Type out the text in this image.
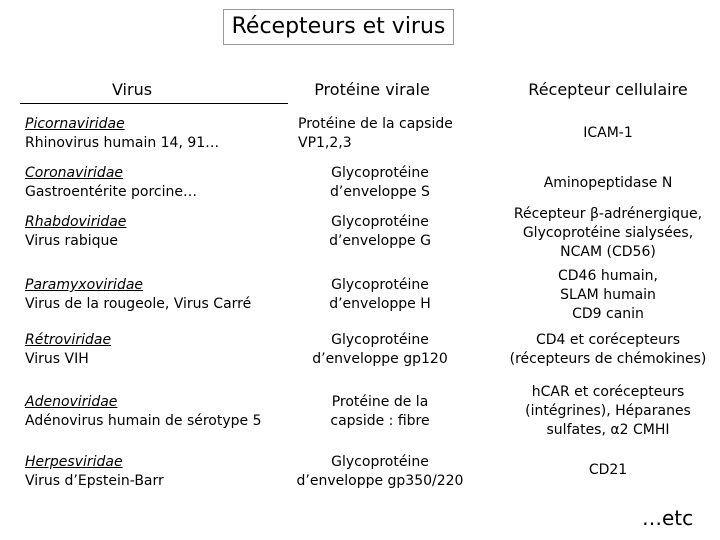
Récepteurs et virus
Virus	Protéine virale	Récepteur cellulaire
Picornaviridae
Rhinovirus humain 14, 91…
Protéine de la capside
VP1,2,3
ICAM-1
Coronaviridae
Gastroentérite porcine…
Glycoprotéine
d’enveloppe S
Aminopeptidase N
Rhabdoviridae
Virus rabique
Glycoprotéine
d’enveloppe G
Récepteur β-adrénergique,
Glycoprotéine sialysées,
NCAM (CD56)
Paramyxoviridae
Virus de la rougeole, Virus Carré
Glycoprotéine
d’enveloppe H
CD46 humain,
SLAM humain
CD9 canin
Rétroviridae
Virus VIH
Glycoprotéine
d’enveloppe gp120
CD4 et corécepteurs
(récepteurs de chémokines)
Adenoviridae
Adénovirus humain de sérotype 5
Protéine de la
capside : fibre
hCAR et corécepteurs
(intégrines), Héparanes
sulfates, α2 CMHI
Herpesviridae
Virus d’Epstein-Barr
Glycoprotéine
d’enveloppe gp350/220
CD21
…etc
